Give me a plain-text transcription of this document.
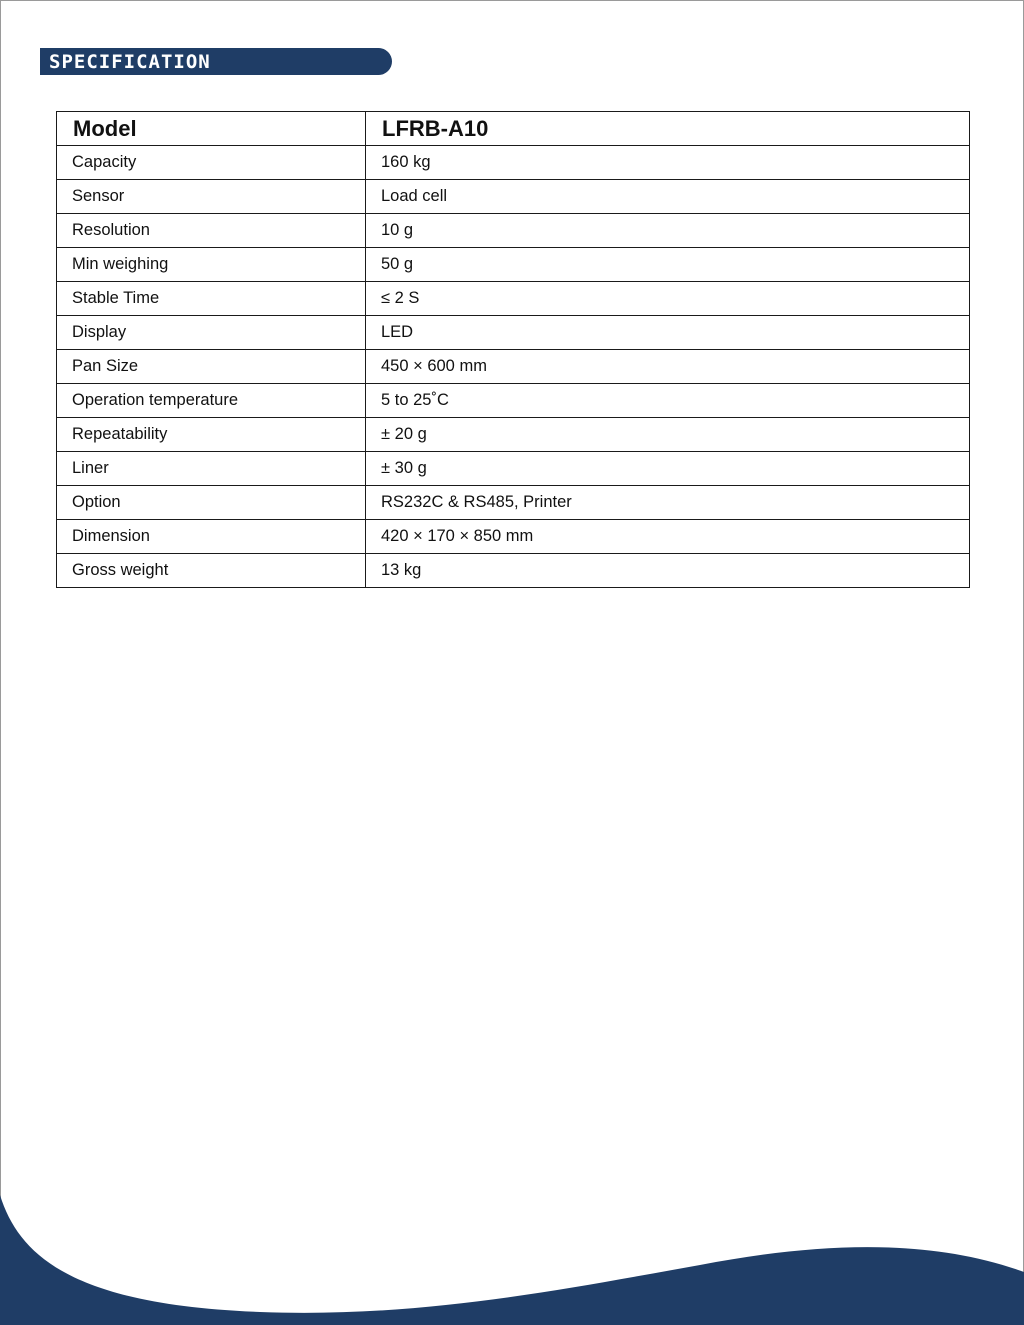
SPECIFICATION
Model	LFRB-A10
Capacity	160 kg
Sensor	Load cell
Resolution	10 g
Min weighing	50 g
Stable Time	≤ 2 S
Display	LED
Pan Size	450 × 600 mm
Operation temperature	5 to 25˚C
Repeatability	± 20 g
Liner	± 30 g
Option	RS232C & RS485, Printer
Dimension	420 × 170 × 850 mm
Gross weight	13 kg
